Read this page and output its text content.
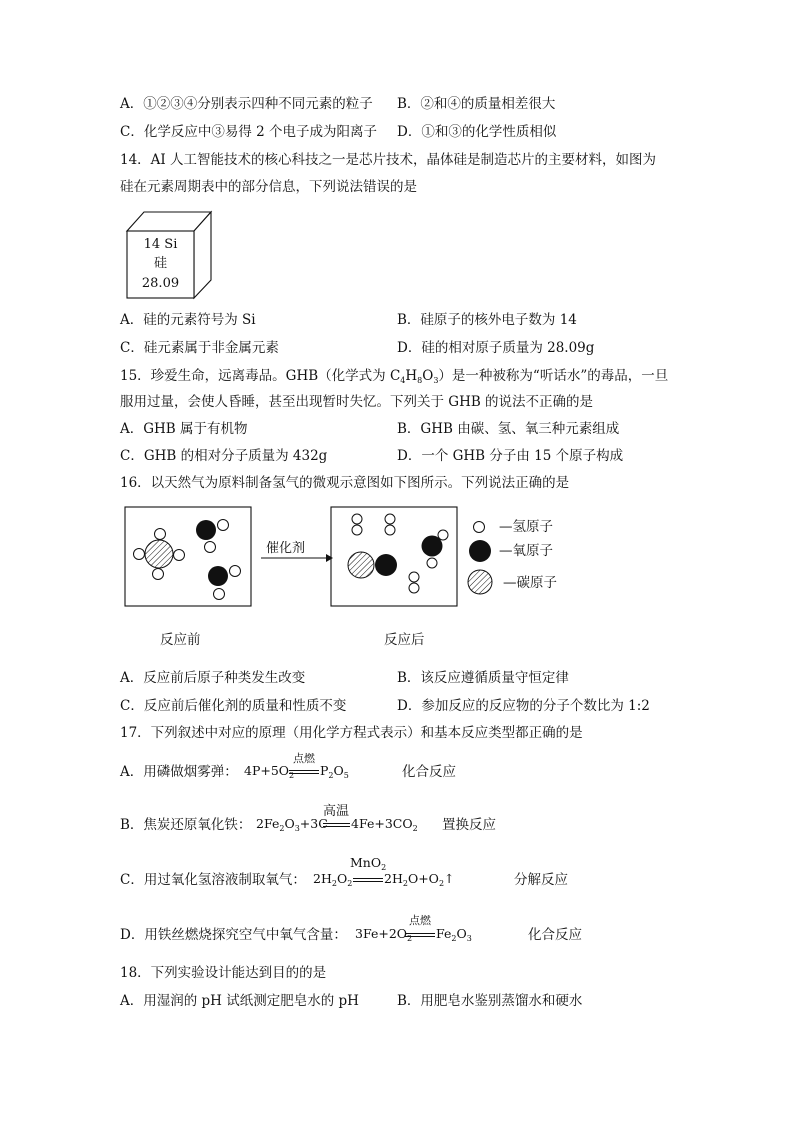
A．①②③④分别表示四种不同元素的粒子 B．②和④的质量相差很大
C．化学反应中③易得 2 个电子成为阳离子 D．①和③的化学性质相似
14．AI 人工智能技术的核心科技之一是芯片技术，晶体硅是制造芯片的主要材料，如图为
硅在元素周期表中的部分信息，下列说法错误的是
14 Si
硅
28.09
A．硅的元素符号为 Si	B．硅原子的核外电子数为 14
C．硅元素属于非金属元素	D．硅的相对原子质量为 28.09g
15．珍爱生命，远离毒品。GHB（化学式为 $C_4H_8O_3$）是一种被称为“听话水”的毒品，一旦
服用过量，会使人昏睡，甚至出现暂时失忆。下列关于 GHB 的说法不正确的是
A．GHB 属于有机物	B．GHB 由碳、氢、氧三种元素组成
C．GHB 的相对分子质量为 432g	D．一个 GHB 分子由 15 个原子构成
16．以天然气为原料制备氢气的微观示意图如下图所示。下列说法正确的是
催化剂
—氢原子
—氧原子
—碳原子
反应前	反应后
A．反应前后原子种类发生改变	B．该反应遵循质量守恒定律
C．反应前后催化剂的质量和性质不变	D．参加反应的反应物的分子个数比为 1:2
17．下列叙述中对应的原理（用化学方程式表示）和基本反应类型都正确的是
A．用磷做烟雾弹： $4P+5O_2$
点燃
$P_2O_5$	化合反应
B．焦炭还原氧化铁： $2Fe_2O_3+3C$
高温
$4Fe+3CO_2$ 置换反应
C．用过氧化氢溶液制取氧气： $2H_2O_2$
MnO$_2$
$2H_2O+O_2↑$	分解反应
D．用铁丝燃烧探究空气中氧气含量： $3Fe+2O_2$
点燃
$Fe_2O_3$	化合反应
18．下列实验设计能达到目的的是
A．用湿润的 pH 试纸测定肥皂水的 pH	B．用肥皂水鉴别蒸馏水和硬水
